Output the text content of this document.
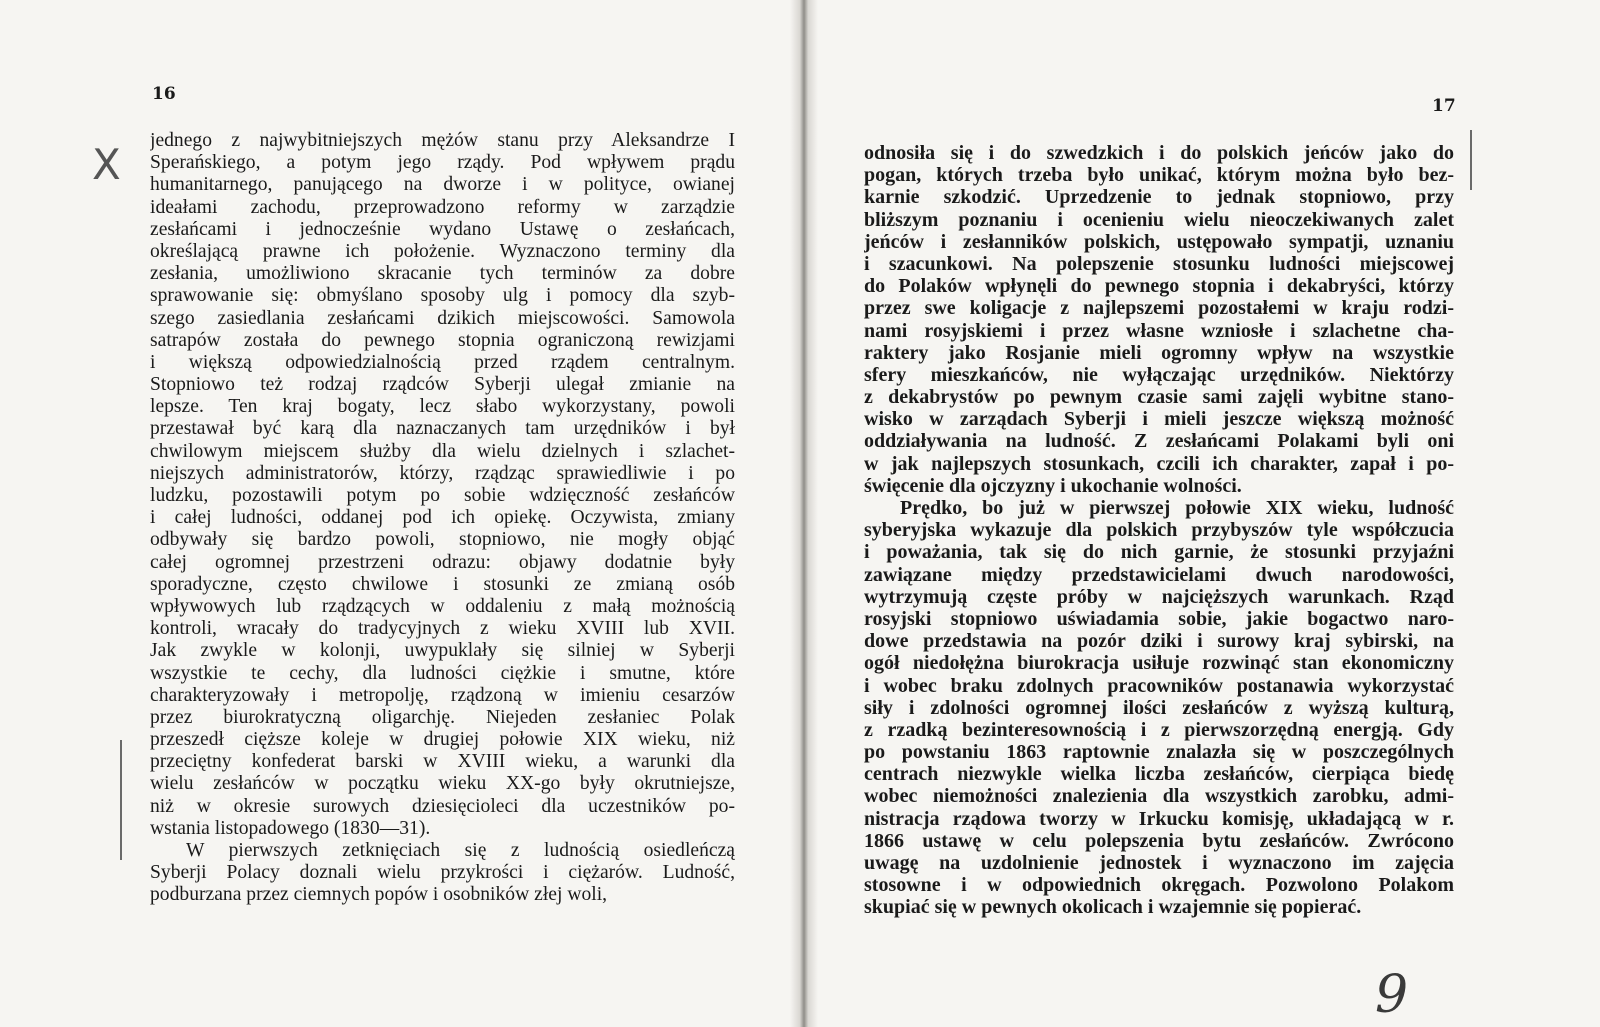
16
jednego z najwybitniejszych mężów stanu przy Aleksandrze I
Sperańskiego, a potym jego rządy. Pod wpływem prądu
humanitarnego, panującego na dworze i w polityce, owianej
ideałami zachodu, przeprowadzono reformy w zarządzie
zesłańcami i jednocześnie wydano Ustawę o zesłańcach,
określającą prawne ich położenie. Wyznaczono terminy dla
zesłania, umożliwiono skracanie tych terminów za dobre
sprawowanie się: obmyślano sposoby ulg i pomocy dla szyb-
szego zasiedlania zesłańcami dzikich miejscowości. Samowola
satrapów została do pewnego stopnia ograniczoną rewizjami
i większą odpowiedzialnością przed rządem centralnym.
Stopniowo też rodzaj rządców Syberji ulegał zmianie na
lepsze. Ten kraj bogaty, lecz słabo wykorzystany, powoli
przestawał być karą dla naznaczanych tam urzędników i był
chwilowym miejscem służby dla wielu dzielnych i szlachet-
niejszych administratorów, którzy, rządząc sprawiedliwie i po
ludzku, pozostawili potym po sobie wdzięczność zesłańców
i całej ludności, oddanej pod ich opiekę. Oczywista, zmiany
odbywały się bardzo powoli, stopniowo, nie mogły objąć
całej ogromnej przestrzeni odrazu: objawy dodatnie były
sporadyczne, często chwilowe i stosunki ze zmianą osób
wpływowych lub rządzących w oddaleniu z małą możnością
kontroli, wracały do tradycyjnych z wieku XVIII lub XVII.
Jak zwykle w kolonji, uwypuklały się silniej w Syberji
wszystkie te cechy, dla ludności ciężkie i smutne, które
charakteryzowały i metropolję, rządzoną w imieniu cesarzów
przez biurokratyczną oligarchję. Niejeden zesłaniec Polak
przeszedł cięższe koleje w drugiej połowie XIX wieku, niż
przeciętny konfederat barski w XVIII wieku, a warunki dla
wielu zesłańców w początku wieku XX-go były okrutniejsze,
niż w okresie surowych dziesięcioleci dla uczestników po-
wstania listopadowego (1830—31).
W pierwszych zetknięciach się z ludnością osiedleńczą
Syberji Polacy doznali wielu przykrości i ciężarów. Ludność,
podburzana przez ciemnych popów i osobników złej woli,
17
odnosiła się i do szwedzkich i do polskich jeńców jako do
pogan, których trzeba było unikać, którym można było bez-
karnie szkodzić. Uprzedzenie to jednak stopniowo, przy
bliższym poznaniu i ocenieniu wielu nieoczekiwanych zalet
jeńców i zesłanników polskich, ustępowało sympatji, uznaniu
i szacunkowi. Na polepszenie stosunku ludności miejscowej
do Polaków wpłynęli do pewnego stopnia i dekabryści, którzy
przez swe koligacje z najlepszemi pozostałemi w kraju rodzi-
nami rosyjskiemi i przez własne wzniosłe i szlachetne cha-
raktery jako Rosjanie mieli ogromny wpływ na wszystkie
sfery mieszkańców, nie wyłączając urzędników. Niektórzy
z dekabrystów po pewnym czasie sami zajęli wybitne stano-
wisko w zarządach Syberji i mieli jeszcze większą możność
oddziaływania na ludność. Z zesłańcami Polakami byli oni
w jak najlepszych stosunkach, czcili ich charakter, zapał i po-
święcenie dla ojczyzny i ukochanie wolności.
Prędko, bo już w pierwszej połowie XIX wieku, ludność
syberyjska wykazuje dla polskich przybyszów tyle współczucia
i poważania, tak się do nich garnie, że stosunki przyjaźni
zawiązane między przedstawicielami dwuch narodowości,
wytrzymują częste próby w najcięższych warunkach. Rząd
rosyjski stopniowo uświadamia sobie, jakie bogactwo naro-
dowe przedstawia na pozór dziki i surowy kraj sybirski, na
ogół niedołężna biurokracja usiłuje rozwinąć stan ekonomiczny
i wobec braku zdolnych pracowników postanawia wykorzystać
siły i zdolności ogromnej ilości zesłańców z wyższą kulturą,
z rzadką bezinteresownością i z pierwszorzędną energją. Gdy
po powstaniu 1863 raptownie znalazła się w poszczególnych
centrach niezwykle wielka liczba zesłańców, cierpiąca biedę
wobec niemożności znalezienia dla wszystkich zarobku, admi-
nistracja rządowa tworzy w Irkucku komisję, układającą w r.
1866 ustawę w celu polepszenia bytu zesłańców. Zwrócono
uwagę na uzdolnienie jednostek i wyznaczono im zajęcia
stosowne i w odpowiednich okręgach. Pozwolono Polakom
skupiać się w pewnych okolicach i wzajemnie się popierać.
X
9
